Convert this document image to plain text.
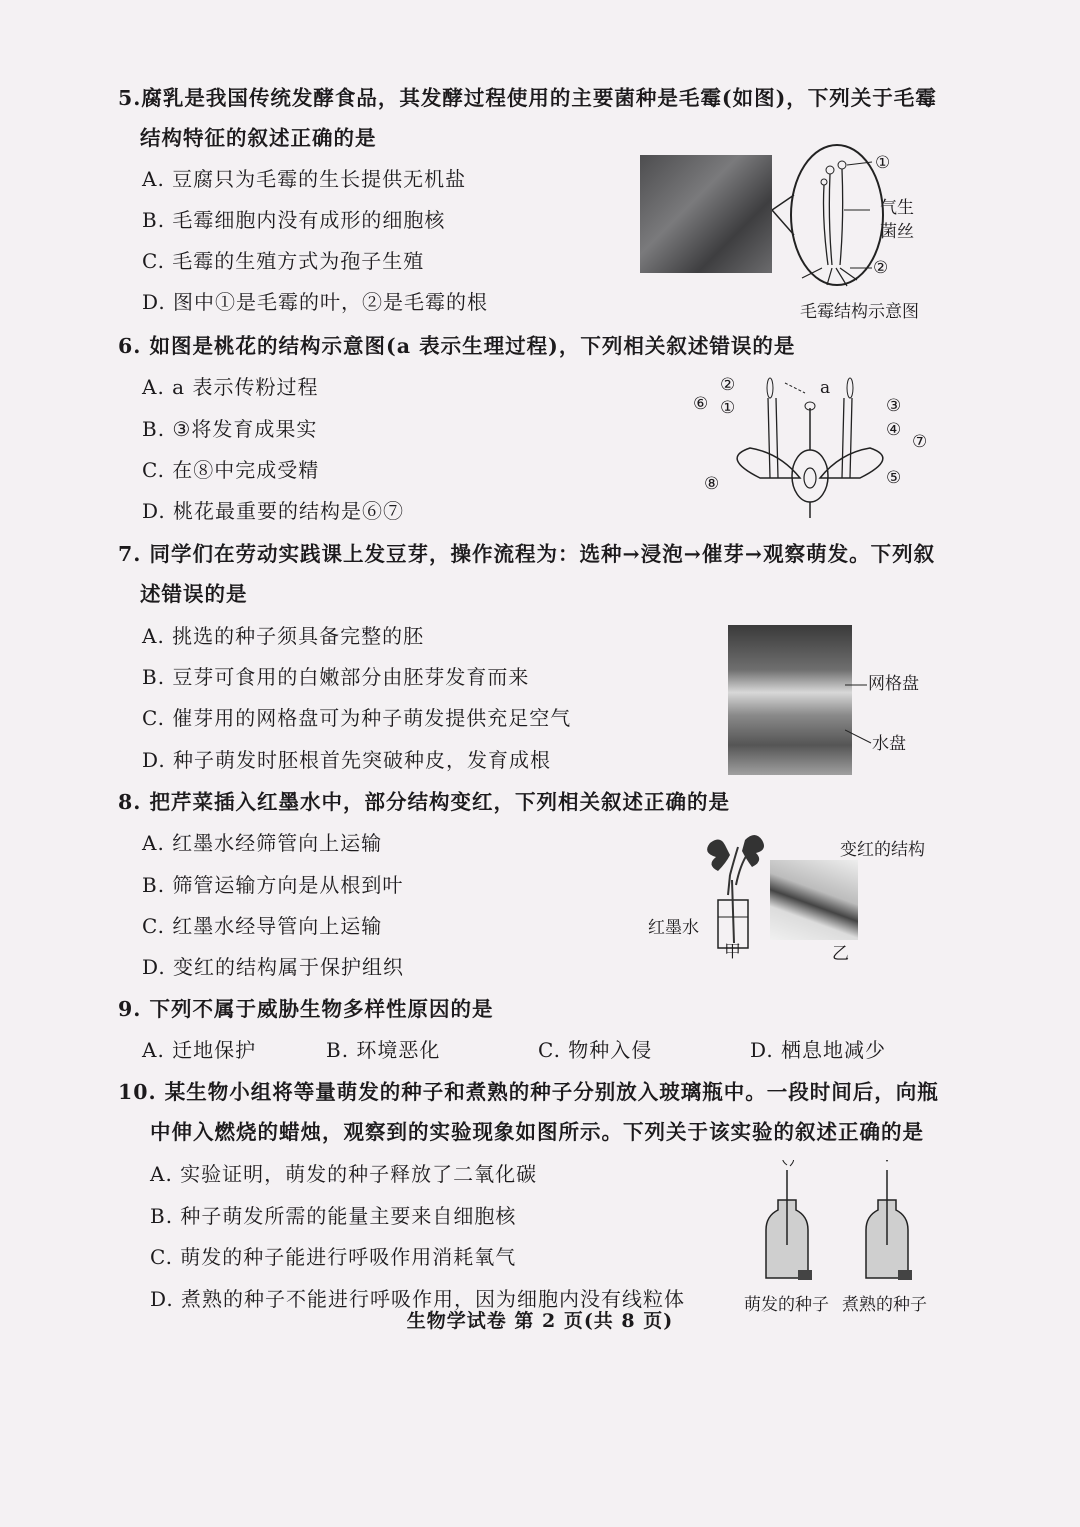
5.腐乳是我国传统发酵食品，其发酵过程使用的主要菌种是毛霉(如图)，下列关于毛霉
结构特征的叙述正确的是
A. 豆腐只为毛霉的生长提供无机盐
B. 毛霉细胞内没有成形的细胞核
C. 毛霉的生殖方式为孢子生殖
D. 图中①是毛霉的叶，②是毛霉的根
①
气生
菌丝
②
毛霉结构示意图
6. 如图是桃花的结构示意图(a 表示生理过程)，下列相关叙述错误的是
A. a 表示传粉过程
B. ③将发育成果实
C. 在⑧中完成受精
D. 桃花最重要的结构是⑥⑦
②
⑥ ①
a
③
④
⑦
⑤
⑧
7. 同学们在劳动实践课上发豆芽，操作流程为：选种→浸泡→催芽→观察萌发。下列叙
述错误的是
A. 挑选的种子须具备完整的胚
B. 豆芽可食用的白嫩部分由胚芽发育而来
C. 催芽用的网格盘可为种子萌发提供充足空气
D. 种子萌发时胚根首先突破种皮，发育成根
网格盘
水盘
8. 把芹菜插入红墨水中，部分结构变红，下列相关叙述正确的是
A. 红墨水经筛管向上运输
B. 筛管运输方向是从根到叶
C. 红墨水经导管向上运输
D. 变红的结构属于保护组织
红墨水
甲	乙
变红的结构
9. 下列不属于威胁生物多样性原因的是
A. 迁地保护	B. 环境恶化	C. 物种入侵	D. 栖息地减少
10. 某生物小组将等量萌发的种子和煮熟的种子分别放入玻璃瓶中。一段时间后，向瓶
中伸入燃烧的蜡烛，观察到的实验现象如图所示。下列关于该实验的叙述正确的是
A. 实验证明，萌发的种子释放了二氧化碳
B. 种子萌发所需的能量主要来自细胞核
C. 萌发的种子能进行呼吸作用消耗氧气
D. 煮熟的种子不能进行呼吸作用，因为细胞内没有线粒体	萌发的种子 煮熟的种子
生物学试卷 第 2 页(共 8 页)
